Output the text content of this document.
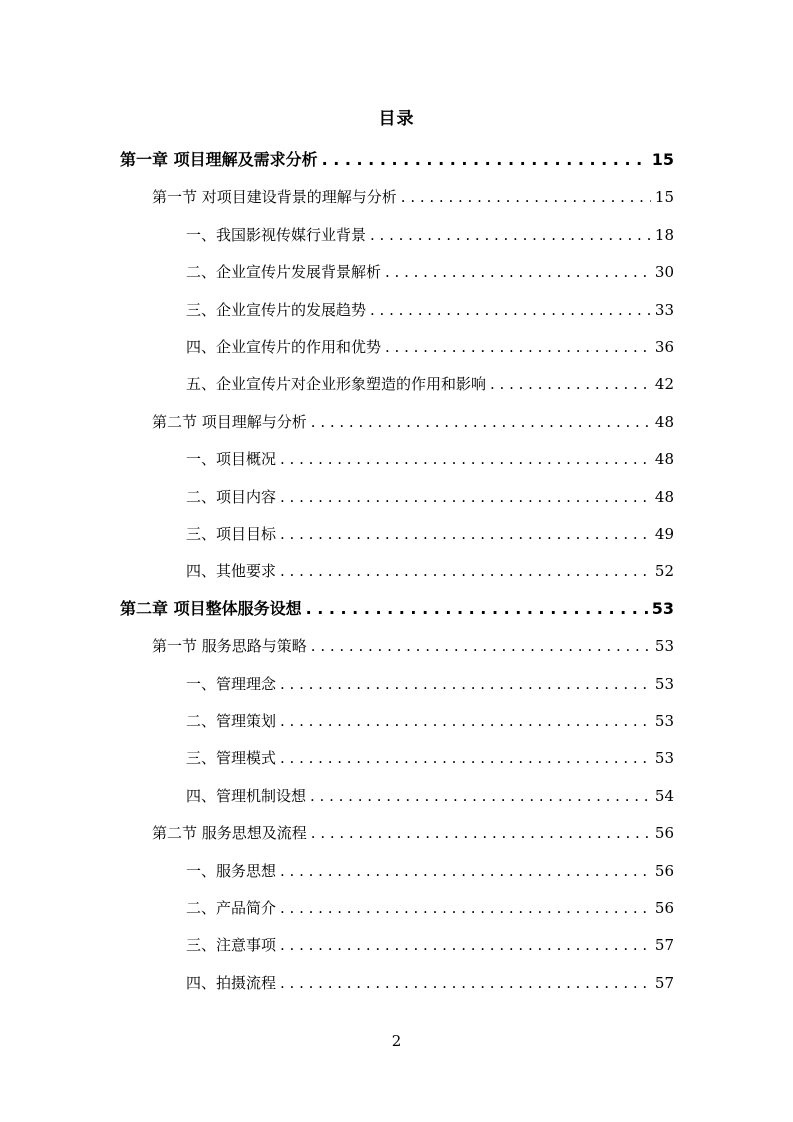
目录
第一章 项目理解及需求分析 . . .	15
第一节 对项目建设背景的理解与分析 . . .	15
一、我国影视传媒行业背景 . . .	18
二、企业宣传片发展背景解析 . . .	30
三、企业宣传片的发展趋势 . . .	33
四、企业宣传片的作用和优势 . . .	36
五、企业宣传片对企业形象塑造的作用和影响 . . .	42
第二节 项目理解与分析 . . .	48
一、项目概况 . . .	48
二、项目内容 . . .	48
三、项目目标 . . .	49
四、其他要求 . . .	52
第二章 项目整体服务设想 . . .	53
第一节 服务思路与策略 . . .	53
一、管理理念 . . .	53
二、管理策划 . . .	53
三、管理模式 . . .	53
四、管理机制设想 . . .	54
第二节 服务思想及流程 . . .	56
一、服务思想 . . .	56
二、产品简介 . . .	56
三、注意事项 . . .	57
四、拍摄流程 . . .	57
2
